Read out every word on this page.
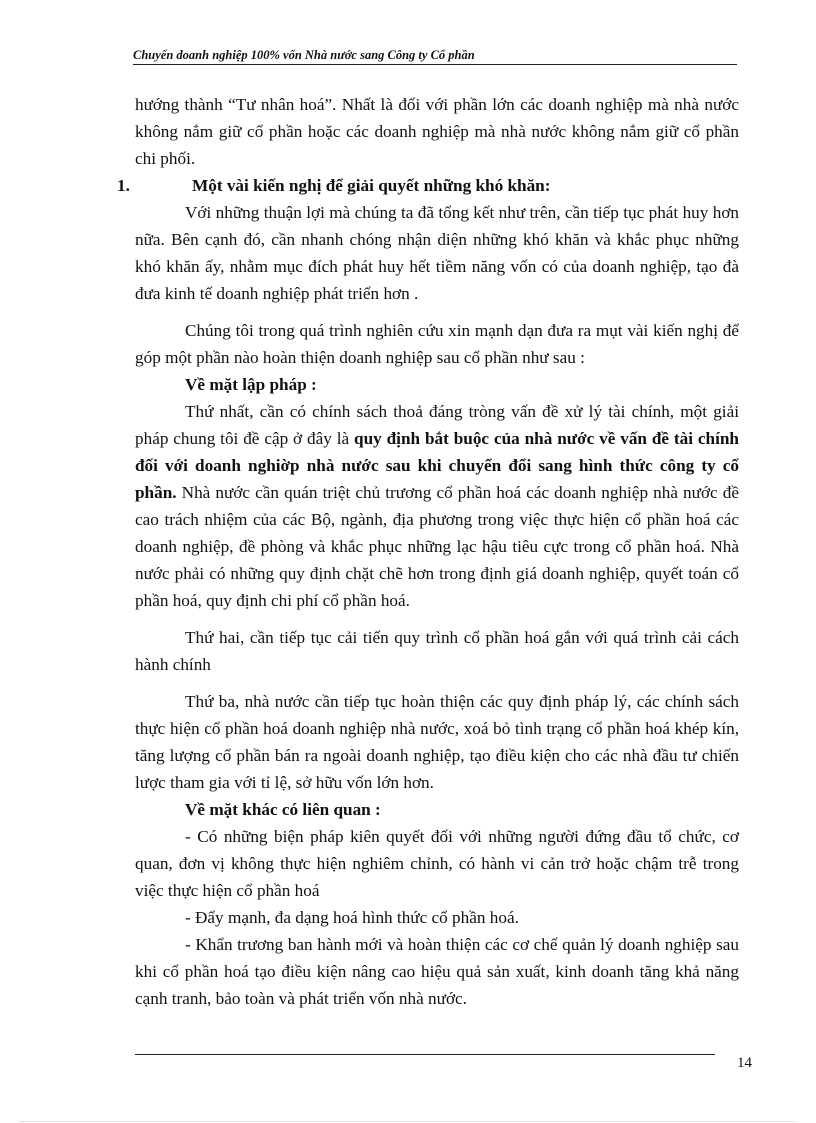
Chuyển doanh nghiệp 100% vốn Nhà nước sang Công ty Cổ phần

hướng thành “Tư nhân hoá”. Nhất là đối với phần lớn các doanh nghiệp mà nhà nước không nắm giữ cổ phần hoặc các doanh nghiệp mà nhà nước không nắm giữ cổ phần chi phối.

1.	Một vài kiến nghị để giải quyết những khó khăn:

Với những thuận lợi mà chúng ta đã tổng kết như trên, cần tiếp tục phát huy hơn nữa. Bên cạnh đó, cần nhanh chóng nhận diện những khó khăn và khắc phục những khó khăn ấy, nhằm mục đích phát huy hết tiềm năng vốn có của doanh nghiệp, tạo đà đưa kinh tế doanh nghiệp phát triển hơn .

Chúng tôi trong quá trình nghiên cứu xin mạnh dạn đưa ra mụt vài kiến nghị để góp một phần nào hoàn thiện doanh nghiệp sau cổ phần như sau :

Về mặt lập pháp :

Thứ nhất, cần có chính sách thoả đáng tròng vấn đề xử lý tài chính, một giải pháp chung tôi đề cập ở đây là quy định bắt buộc của nhà nước về vấn đề tài chính đối với doanh nghiờp nhà nước sau khi chuyển đổi sang hình thức công ty cổ phần. Nhà nước cần quán triệt chủ trương cổ phần hoá các doanh nghiệp nhà nước đề cao trách nhiệm của các Bộ, ngành, địa phương trong việc thực hiện cổ phần hoá các doanh nghiệp, đề phòng và khắc phục những lạc hậu tiêu cực trong cổ phần hoá. Nhà nước phải có những quy định chặt chẽ hơn trong định giá doanh nghiệp, quyết toán cổ phần hoá, quy định chi phí cổ phần hoá.

Thứ hai, cần tiếp tục cải tiến quy trình cổ phần hoá gắn với quá trình cải cách hành chính

Thứ ba, nhà nước cần tiếp tục hoàn thiện các quy định pháp lý, các chính sách thực hiện cổ phần hoá doanh nghiệp nhà nước, xoá bỏ tình trạng cổ phần hoá khép kín, tăng lượng cổ phần bán ra ngoài doanh nghiệp, tạo điều kiện cho các nhà đầu tư chiến lược tham gia với tỉ lệ, sở hữu vốn lớn hơn.

Về mặt khác có liên quan :

- Có những biện pháp kiên quyết đối với những người đứng đầu tổ chức, cơ quan, đơn vị không thực hiện nghiêm chỉnh, có hành vi cản trở hoặc chậm trễ trong việc thực hiện cổ phần hoá

- Đẩy mạnh, đa dạng hoá hình thức cổ phần hoá.

- Khẩn trương ban hành mới và hoàn thiện các cơ chế quản lý doanh nghiệp sau khi cổ phần hoá tạo điều kiện nâng cao hiệu quả sản xuất, kinh doanh tăng khả năng cạnh tranh, bảo toàn và phát triển vốn nhà nước.

14
